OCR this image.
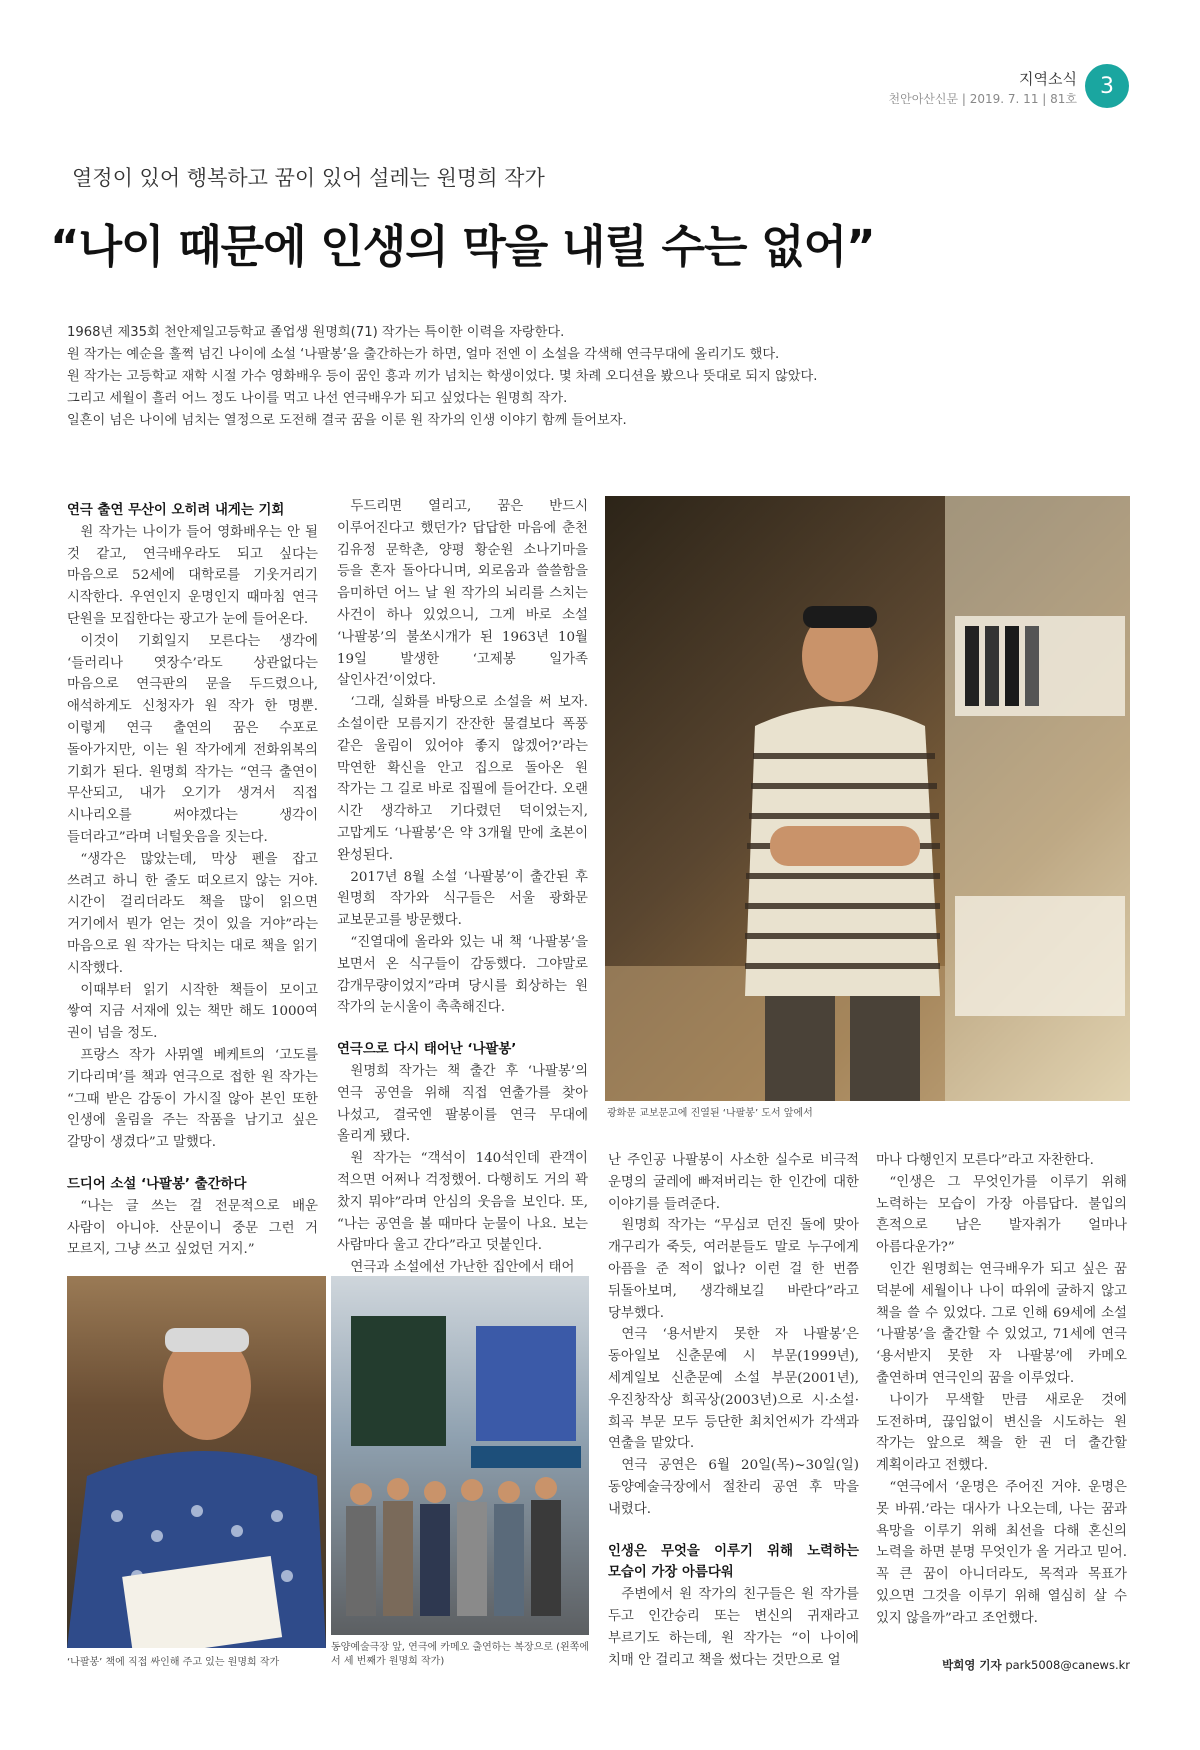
지역소식
천안아산신문 | 2019. 7. 11 | 81호
3
열정이 있어 행복하고 꿈이 있어 설레는 원명희 작가
“나이 때문에 인생의 막을 내릴 수는 없어”

1968년 제35회 천안제일고등학교 졸업생 원명희(71) 작가는 특이한 이력을 자랑한다.

원 작가는 예순을 훌쩍 넘긴 나이에 소설 ‘나팔봉’을 출간하는가 하면, 얼마 전엔 이 소설을 각색해 연극무대에 올리기도 했다.

원 작가는 고등학교 재학 시절 가수 영화배우 등이 꿈인 흥과 끼가 넘치는 학생이었다. 몇 차례 오디션을 봤으나 뜻대로 되지 않았다.

그리고 세월이 흘러 어느 정도 나이를 먹고 나선 연극배우가 되고 싶었다는 원명희 작가.

일흔이 넘은 나이에 넘치는 열정으로 도전해 결국 꿈을 이룬 원 작가의 인생 이야기 함께 들어보자.

연극 출연 무산이 오히려 내게는 기회

원 작가는 나이가 들어 영화배우는 안 될 것 같고, 연극배우라도 되고 싶다는 마음으로 52세에 대학로를 기웃거리기 시작한다. 우연인지 운명인지 때마침 연극 단원을 모집한다는 광고가 눈에 들어온다.

이것이 기회일지 모른다는 생각에 ‘들러리나 엿장수’라도 상관없다는 마음으로 연극판의 문을 두드렸으나, 애석하게도 신청자가 원 작가 한 명뿐. 이렇게 연극 출연의 꿈은 수포로 돌아가지만, 이는 원 작가에게 전화위복의 기회가 된다. 원명희 작가는 “연극 출연이 무산되고, 내가 오기가 생겨서 직접 시나리오를 써야겠다는 생각이 들더라고”라며 너털웃음을 짓는다.

“생각은 많았는데, 막상 펜을 잡고 쓰려고 하니 한 줄도 떠오르지 않는 거야. 시간이 걸리더라도 책을 많이 읽으면 거기에서 뭔가 얻는 것이 있을 거야”라는 마음으로 원 작가는 닥치는 대로 책을 읽기 시작했다.

이때부터 읽기 시작한 책들이 모이고 쌓여 지금 서재에 있는 책만 해도 1000여 권이 넘을 정도.

프랑스 작가 사뮈엘 베케트의 ‘고도를 기다리며’를 책과 연극으로 접한 원 작가는 “그때 받은 감동이 가시질 않아 본인 또한 인생에 울림을 주는 작품을 남기고 싶은 갈망이 생겼다”고 말했다.

드디어 소설 ‘나팔봉’ 출간하다

“나는 글 쓰는 걸 전문적으로 배운 사람이 아니야. 산문이니 중문 그런 거 모르지, 그냥 쓰고 싶었던 거지.”

두드리면 열리고, 꿈은 반드시 이루어진다고 했던가? 답답한 마음에 춘천 김유정 문학촌, 양평 황순원 소나기마을 등을 혼자 돌아다니며, 외로움과 쓸쓸함을 음미하던 어느 날 원 작가의 뇌리를 스치는 사건이 하나 있었으니, 그게 바로 소설 ‘나팔봉’의 불쏘시개가 된 1963년 10월 19일 발생한 ‘고제봉 일가족 살인사건’이었다.

‘그래, 실화를 바탕으로 소설을 써 보자. 소설이란 모름지기 잔잔한 물결보다 폭풍 같은 울림이 있어야 좋지 않겠어?’라는 막연한 확신을 안고 집으로 돌아온 원 작가는 그 길로 바로 집필에 들어간다. 오랜 시간 생각하고 기다렸던 덕이었는지, 고맙게도 ‘나팔봉’은 약 3개월 만에 초본이 완성된다.

2017년 8월 소설 ‘나팔봉’이 출간된 후 원명희 작가와 식구들은 서울 광화문 교보문고를 방문했다.

“진열대에 올라와 있는 내 책 ‘나팔봉’을 보면서 온 식구들이 감동했다. 그야말로 감개무량이었지”라며 당시를 회상하는 원 작가의 눈시울이 촉촉해진다.

연극으로 다시 태어난 ‘나팔봉’

원명희 작가는 책 출간 후 ‘나팔봉’의 연극 공연을 위해 직접 연출가를 찾아 나섰고, 결국엔 팔봉이를 연극 무대에 올리게 됐다.

원 작가는 “객석이 140석인데 관객이 적으면 어쩌나 걱정했어. 다행히도 거의 꽉 찼지 뭐야”라며 안심의 웃음을 보인다. 또, “나는 공연을 볼 때마다 눈물이 나요. 보는 사람마다 울고 간다”라고 덧붙인다.

연극과 소설에선 가난한 집안에서 태어

광화문 교보문고에 진열된 ‘나팔봉’ 도서 앞에서

난 주인공 나팔봉이 사소한 실수로 비극적 운명의 굴레에 빠져버리는 한 인간에 대한 이야기를 들려준다.

원명희 작가는 “무심코 던진 돌에 맞아 개구리가 죽듯, 여러분들도 말로 누구에게 아픔을 준 적이 없나? 이런 걸 한 번쯤 뒤돌아보며, 생각해보길 바란다”라고 당부했다.

연극 ‘용서받지 못한 자 나팔봉’은 동아일보 신춘문예 시 부문(1999년), 세계일보 신춘문예 소설 부문(2001년), 우진창작상 희곡상(2003년)으로 시·소설·희곡 부문 모두 등단한 최치언씨가 각색과 연출을 맡았다.

연극 공연은 6월 20일(목)~30일(일) 동양예술극장에서 절찬리 공연 후 막을 내렸다.

인생은 무엇을 이루기 위해 노력하는 모습이 가장 아름다워

주변에서 원 작가의 친구들은 원 작가를 두고 인간승리 또는 변신의 귀재라고 부르기도 하는데, 원 작가는 “이 나이에 치매 안 걸리고 책을 썼다는 것만으로 얼

마나 다행인지 모른다”라고 자찬한다.

“인생은 그 무엇인가를 이루기 위해 노력하는 모습이 가장 아름답다. 불입의 흔적으로 남은 발자취가 얼마나 아름다운가?”

인간 원명희는 연극배우가 되고 싶은 꿈 덕분에 세월이나 나이 따위에 굴하지 않고 책을 쓸 수 있었다. 그로 인해 69세에 소설 ‘나팔봉’을 출간할 수 있었고, 71세에 연극 ‘용서받지 못한 자 나팔봉’에 카메오 출연하며 연극인의 꿈을 이루었다.

나이가 무색할 만큼 새로운 것에 도전하며, 끊임없이 변신을 시도하는 원 작가는 앞으로 책을 한 권 더 출간할 계획이라고 전했다.

“연극에서 ‘운명은 주어진 거야. 운명은 못 바꿔.’라는 대사가 나오는데, 나는 꿈과 욕망을 이루기 위해 최선을 다해 혼신의 노력을 하면 분명 무엇인가 올 거라고 믿어. 꼭 큰 꿈이 아니더라도, 목적과 목표가 있으면 그것을 이루기 위해 열심히 살 수 있지 않을까”라고 조언했다.

‘나팔봉’ 책에 직접 싸인해 주고 있는 원명희 작가
동양예술극장 앞, 연극에 카메오 출연하는 복장으로 (왼쪽에서 세 번째가 원명희 작가)	박희영 기자 park5008@canews.kr
